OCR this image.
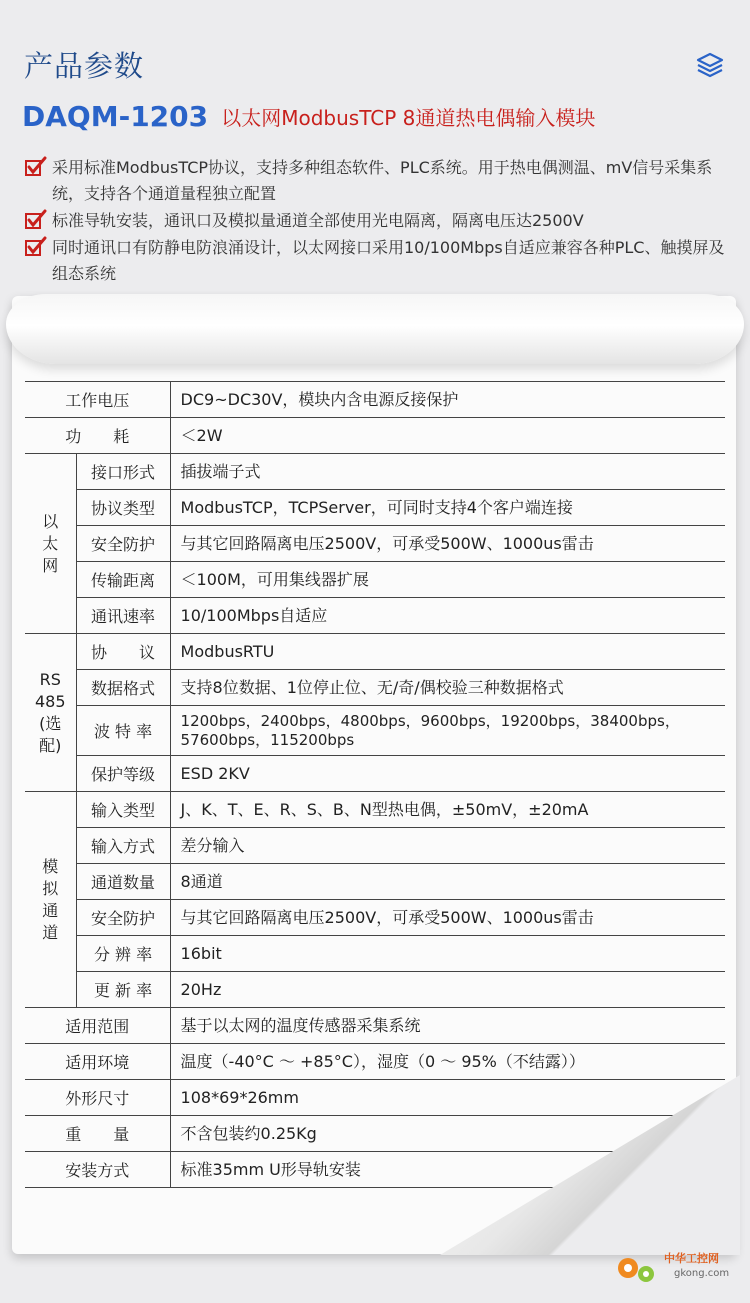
产品参数
DAQM-1203 以太网ModbusTCP 8通道热电偶输入模块
采用标准ModbusTCP协议，支持多种组态软件、PLC系统。用于热电偶测温、mV信号采集系统，支持各个通道量程独立配置
标准导轨安装，通讯口及模拟量通道全部使用光电隔离，隔离电压达2500V
同时通讯口有防静电防浪涌设计，以太网接口采用10/100Mbps自适应兼容各种PLC、触摸屏及组态系统
工作电压		DC9~DC30V，模块内含电源反接保护
功　　耗		＜2W
以
太
网	接口形式	插拔端子式
	协议类型	ModbusTCP，TCPServer，可同时支持4个客户端连接
	安全防护	与其它回路隔离电压2500V，可承受500W、1000us雷击
	传输距离	＜100M，可用集线器扩展
	通讯速率	10/100Mbps自适应
RS
485
(选配)	协　　议	ModbusRTU
	数据格式	支持8位数据、1位停止位、无/奇/偶校验三种数据格式
	波 特 率	1200bps，2400bps，4800bps，9600bps，19200bps，38400bps，57600bps，115200bps
	保护等级	ESD 2KV
模
拟
通
道	输入类型	J、K、T、E、R、S、B、N型热电偶，±50mV，±20mA
	输入方式	差分输入
	通道数量	8通道
	安全防护	与其它回路隔离电压2500V，可承受500W、1000us雷击
	分 辨 率	16bit
	更 新 率	20Hz
适用范围		基于以太网的温度传感器采集系统
适用环境		温度（-40°C ～ +85°C），湿度（0 ～ 95%（不结露））
外形尺寸		108*69*26mm
重　　量		不含包装约0.25Kg
安装方式		标准35mm U形导轨安装
中华工控网
gkong.com
